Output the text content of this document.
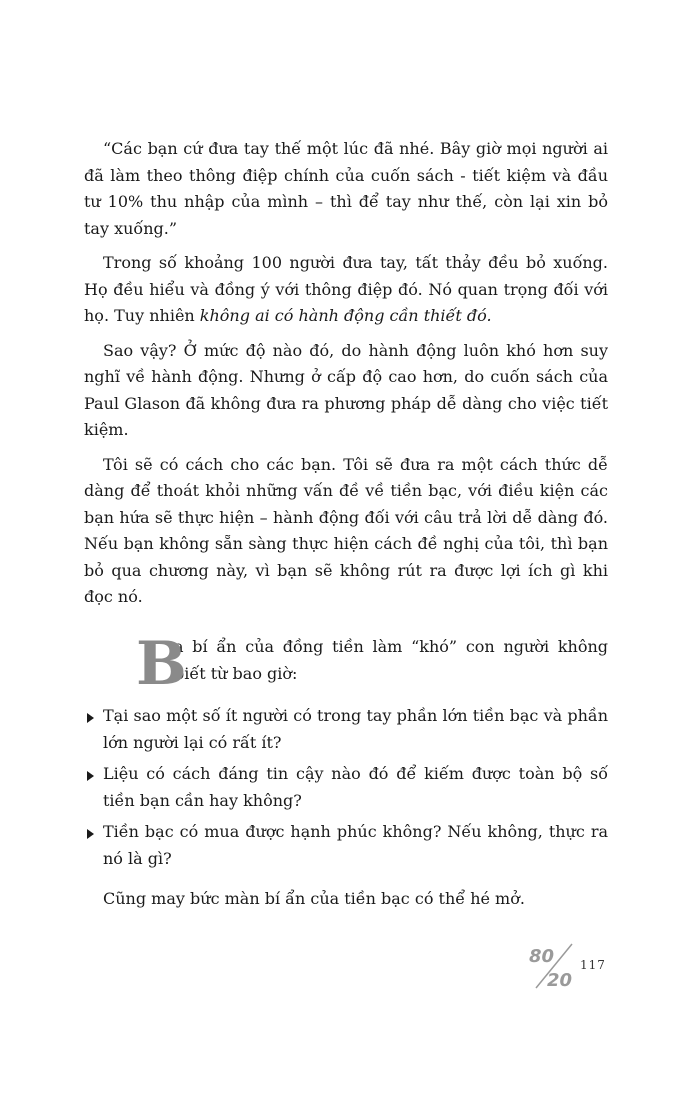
“Các bạn cứ đưa tay thế một lúc đã nhé. Bây giờ mọi người ai đã làm theo thông điệp chính của cuốn sách - tiết kiệm và đầu tư 10% thu nhập của mình – thì để tay như thế, còn lại xin bỏ tay xuống.”

Trong số khoảng 100 người đưa tay, tất thảy đều bỏ xuống. Họ đều hiểu và đồng ý với thông điệp đó. Nó quan trọng đối với họ. Tuy nhiên không ai có hành động cần thiết đó.

Sao vậy? Ở mức độ nào đó, do hành động luôn khó hơn suy nghĩ về hành động. Nhưng ở cấp độ cao hơn, do cuốn sách của Paul Glason đã không đưa ra phương pháp dễ dàng cho việc tiết kiệm.

Tôi sẽ có cách cho các bạn. Tôi sẽ đưa ra một cách thức dễ dàng để thoát khỏi những vấn đề về tiền bạc, với điều kiện các bạn hứa sẽ thực hiện – hành động đối với câu trả lời dễ dàng đó. Nếu bạn không sẵn sàng thực hiện cách đề nghị của tôi, thì bạn bỏ qua chương này, vì bạn sẽ không rút ra được lợi ích gì khi đọc nó.

B

a bí ẩn của đồng tiền làm “khó” con người không biết từ bao giờ:

Tại sao một số ít người có trong tay phần lớn tiền bạc và phần lớn người lại có rất ít?
Liệu có cách đáng tin cậy nào đó để kiếm được toàn bộ số tiền bạn cần hay không?
Tiền bạc có mua được hạnh phúc không? Nếu không, thực ra nó là gì?

Cũng may bức màn bí ẩn của tiền bạc có thể hé mở.

80
20
117
